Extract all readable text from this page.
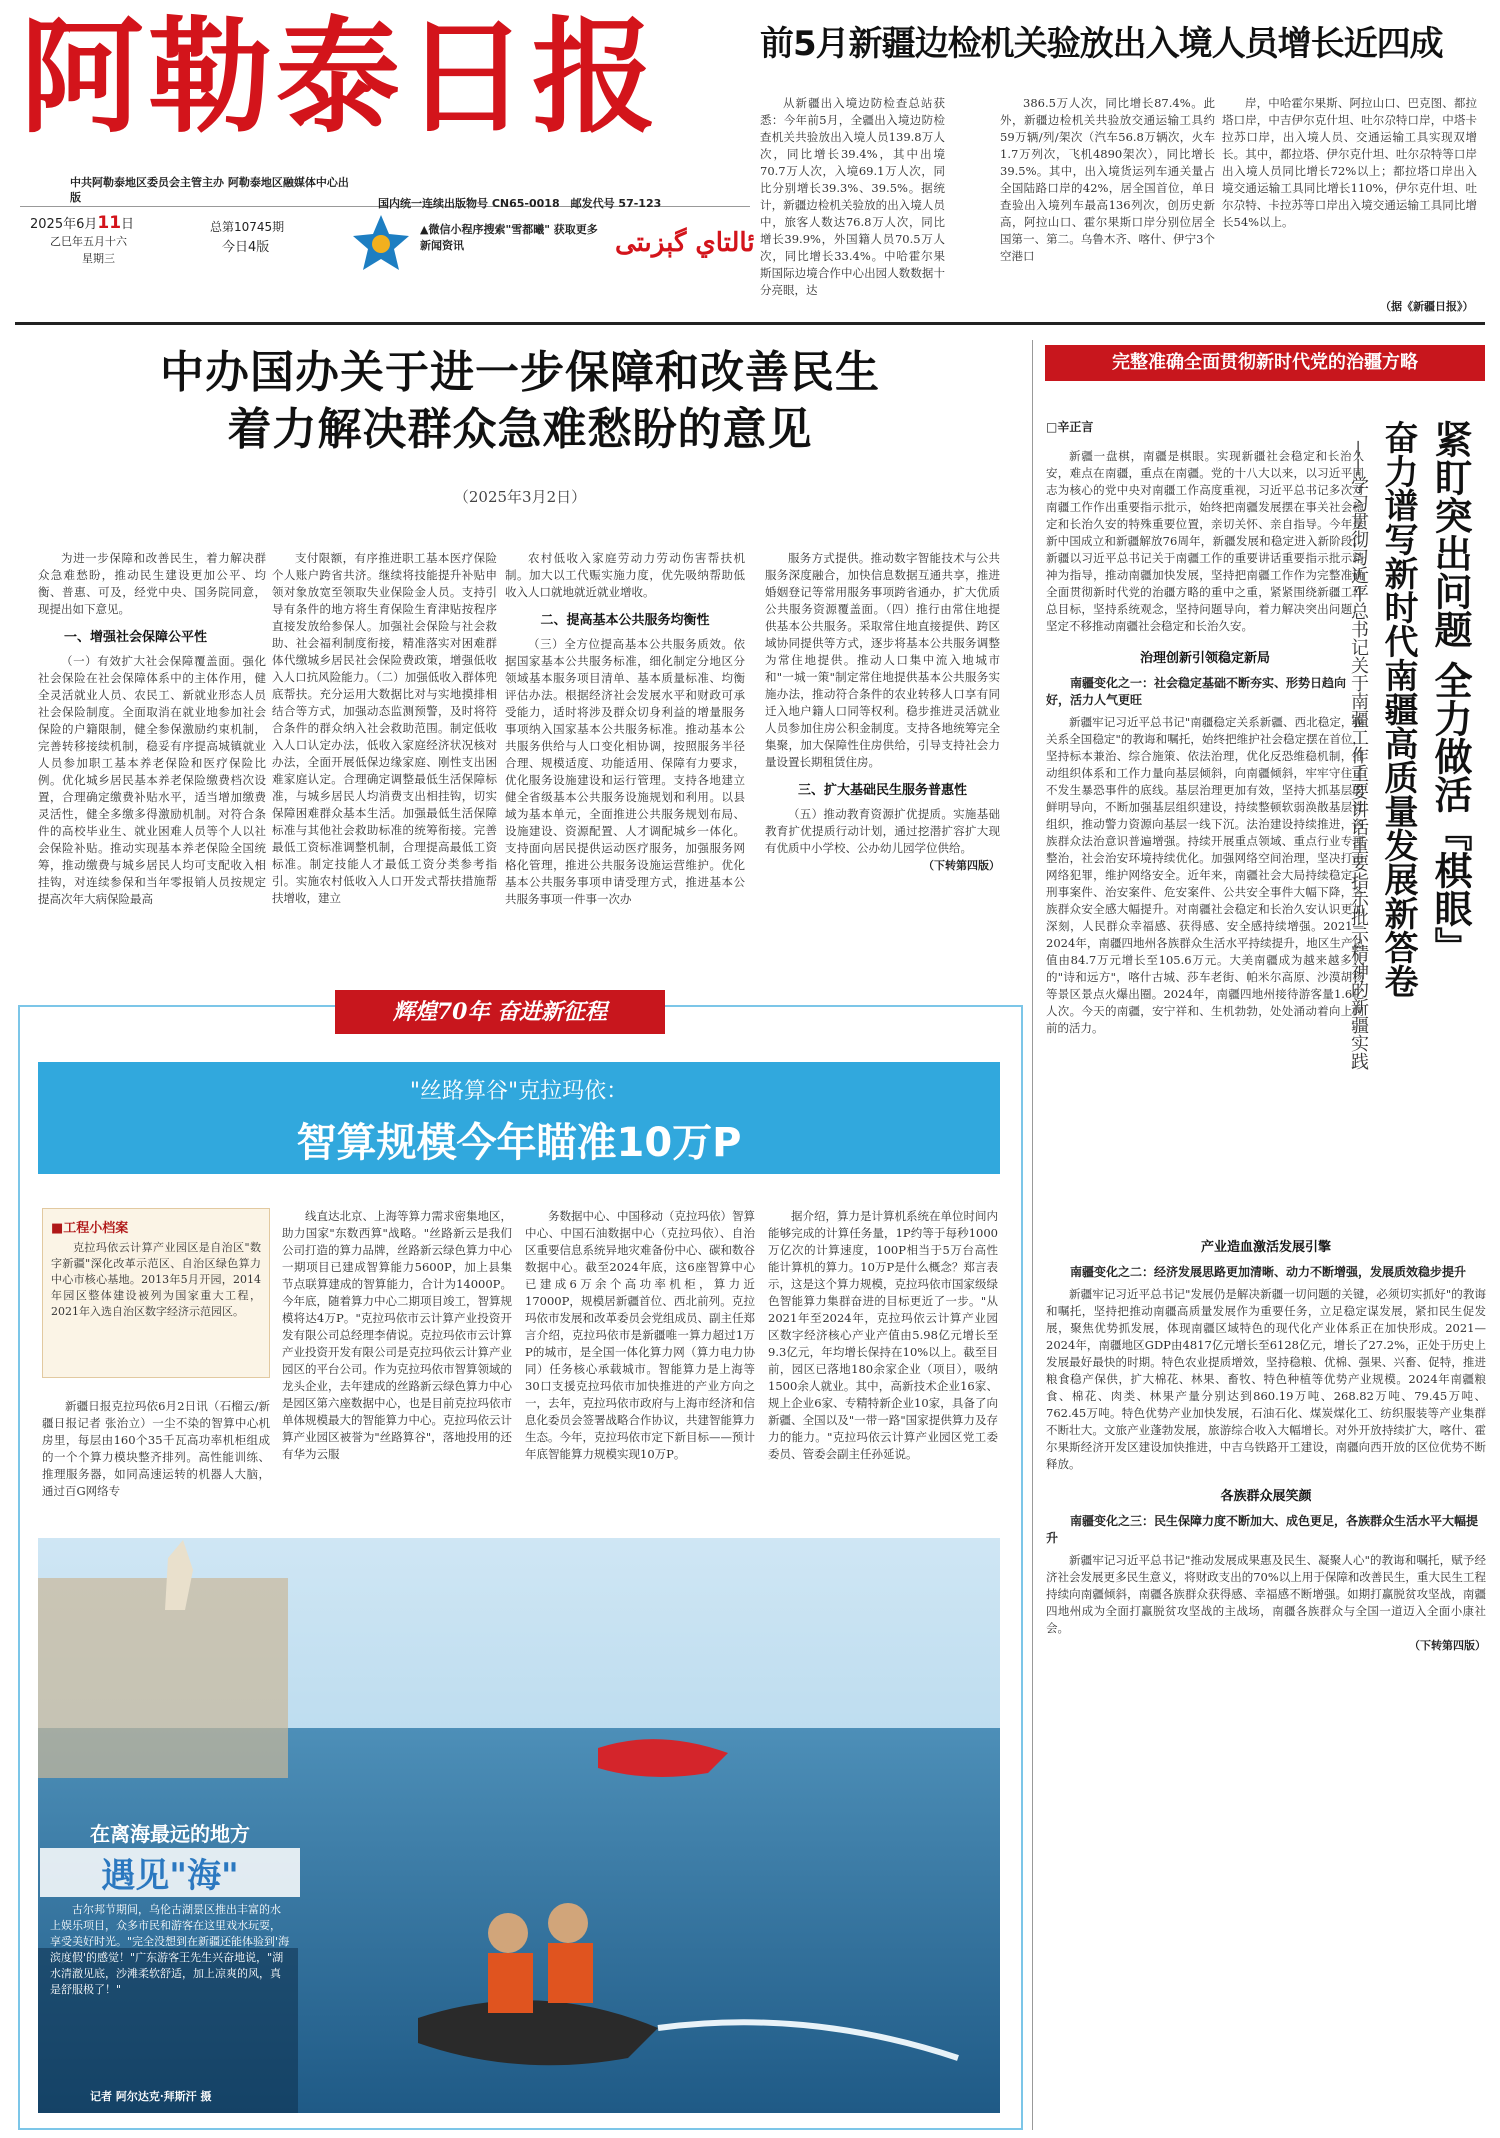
阿勒泰日报
中共阿勒泰地区委员会主管主办 阿勒泰地区融媒体中心出版
2025年6月11日
乙巳年五月十六
星期三
总第10745期
今日4版
国内统一连续出版物号 CN65-0018　邮发代号 57-123
▲微信小程序搜索"雪都曦" 获取更多新闻资讯	ئالتاي گېزىتى
前5月新疆边检机关验放出入境人员增长近四成

从新疆出入境边防检查总站获悉：今年前5月，全疆出入境边防检查机关共验放出入境人员139.8万人次，同比增长39.4%，其中出境70.7万人次，入境69.1万人次，同比分别增长39.3%、39.5%。据统计，新疆边检机关验放的出入境人员中，旅客人数达76.8万人次，同比增长39.9%，外国籍人员70.5万人次，同比增长33.4%。中哈霍尔果斯国际边境合作中心出园人数数据十分亮眼，达

386.5万人次，同比增长87.4%。此外，新疆边检机关共验放交通运输工具约59万辆/列/架次（汽车56.8万辆次，火车1.7万列次，飞机4890架次），同比增长39.5%。其中，出入境货运列车通关量占全国陆路口岸的42%，居全国首位，单日查验出入境列车最高136列次，创历史新高，阿拉山口、霍尔果斯口岸分别位居全国第一、第二。乌鲁木齐、喀什、伊宁3个空港口

岸，中哈霍尔果斯、阿拉山口、巴克图、都拉塔口岸，中吉伊尔克什坦、吐尔尕特口岸，中塔卡拉苏口岸，出入境人员、交通运输工具实现双增长。其中，都拉塔、伊尔克什坦、吐尔尕特等口岸出入境人员同比增长72%以上；都拉塔口岸出入境交通运输工具同比增长110%，伊尔克什坦、吐尔尕特、卡拉苏等口岸出入境交通运输工具同比增长54%以上。

（据《新疆日报》）
中办国办关于进一步保障和改善民生
着力解决群众急难愁盼的意见
（2025年3月2日）

为进一步保障和改善民生，着力解决群众急难愁盼，推动民生建设更加公平、均衡、普惠、可及，经党中央、国务院同意，现提出如下意见。

一、增强社会保障公平性

（一）有效扩大社会保障覆盖面。强化社会保险在社会保障体系中的主体作用，健全灵活就业人员、农民工、新就业形态人员社会保险制度。全面取消在就业地参加社会保险的户籍限制，健全参保激励约束机制，完善转移接续机制，稳妥有序提高城镇就业人员参加职工基本养老保险和医疗保险比例。优化城乡居民基本养老保险缴费档次设置，合理确定缴费补贴水平，适当增加缴费灵活性，健全多缴多得激励机制。对符合条件的高校毕业生、就业困难人员等个人以社会保险补贴。推动实现基本养老保险全国统筹，推动缴费与城乡居民人均可支配收入相挂钩，对连续参保和当年零报销人员按规定提高次年大病保险最高

支付限额，有序推进职工基本医疗保险个人账户跨省共济。继续将技能提升补贴申领对象放宽至领取失业保险金人员。支持引导有条件的地方将生育保险生育津贴按程序直接发放给参保人。加强社会保险与社会救助、社会福利制度衔接，精准落实对困难群体代缴城乡居民社会保险费政策，增强低收入人口抗风险能力。（二）加强低收入群体兜底帮扶。充分运用大数据比对与实地摸排相结合等方式，加强动态监测预警，及时将符合条件的群众纳入社会救助范围。制定低收入人口认定办法，低收入家庭经济状况核对办法，全面开展低保边缘家庭、刚性支出困难家庭认定。合理确定调整最低生活保障标准，与城乡居民人均消费支出相挂钩，切实保障困难群众基本生活。加强最低生活保障标准与其他社会救助标准的统筹衔接。完善最低工资标准调整机制，合理提高最低工资标准。制定技能人才最低工资分类参考指引。实施农村低收入人口开发式帮扶措施帮扶增收，建立

农村低收入家庭劳动力劳动伤害帮扶机制。加大以工代赈实施力度，优先吸纳帮助低收入人口就地就近就业增收。

二、提高基本公共服务均衡性

（三）全方位提高基本公共服务质效。依据国家基本公共服务标准，细化制定分地区分领域基本服务项目清单、基本质量标准、均衡评估办法。根据经济社会发展水平和财政可承受能力，适时将涉及群众切身利益的增量服务事项纳入国家基本公共服务标准。推动基本公共服务供给与人口变化相协调，按照服务半径合理、规模适度、功能适用、保障有力要求，优化服务设施建设和运行管理。支持各地建立健全省级基本公共服务设施规划和利用。以县域为基本单元，全面推进公共服务规划布局、设施建设、资源配置、人才调配城乡一体化。支持面向居民提供运动医疗服务，加强服务网格化管理，推进公共服务设施运营维护。优化基本公共服务事项申请受理方式，推进基本公共服务事项一件事一次办

服务方式提供。推动数字智能技术与公共服务深度融合，加快信息数据互通共享，推进婚姻登记等常用服务事项跨省通办，扩大优质公共服务资源覆盖面。（四）推行由常住地提供基本公共服务。采取常住地直接提供、跨区域协同提供等方式，逐步将基本公共服务调整为常住地提供。推动人口集中流入地城市和"一城一策"制定常住地提供基本公共服务实施办法，推动符合条件的农业转移人口享有同迁入地户籍人口同等权利。稳步推进灵活就业人员参加住房公积金制度。支持各地统筹完全集聚，加大保障性住房供给，引导支持社会力量设置长期租赁住房。

三、扩大基础民生服务普惠性

（五）推动教育资源扩优提质。实施基础教育扩优提质行动计划，通过挖潜扩容扩大现有优质中小学校、公办幼儿园学位供给。

（下转第四版）
辉煌70年 奋进新征程
"丝路算谷"克拉玛依：
智算规模今年瞄准10万P
■工程小档案

克拉玛依云计算产业园区是自治区"数字新疆"深化改革示范区、自治区绿色算力中心市核心基地。2013年5月开园，2014年园区整体建设被列为国家重大工程，2021年入选自治区数字经济示范园区。

新疆日报克拉玛依6月2日讯（石榴云/新疆日报记者 张治立）一尘不染的智算中心机房里，每层由160个35千瓦高功率机柜组成的一个个算力模块整齐排列。高性能训练、推理服务器，如同高速运转的机器人大脑，通过百G网络专

线直达北京、上海等算力需求密集地区，助力国家"东数西算"战略。"丝路新云是我们公司打造的算力品牌，丝路新云绿色算力中心一期项目已建成智算能力5600P，加上县集节点联算建成的智算能力，合计为14000P。今年底，随着算力中心二期项目竣工，智算规模将达4万P。"克拉玛依市云计算产业投资开发有限公司总经理李倩说。克拉玛依市云计算产业投资开发有限公司是克拉玛依云计算产业园区的平台公司。作为克拉玛依市智算领域的龙头企业，去年建成的丝路新云绿色算力中心是园区第六座数据中心，也是目前克拉玛依市单体规模最大的智能算力中心。克拉玛依云计算产业园区被誉为"丝路算谷"，落地投用的还有华为云服

务数据中心、中国移动（克拉玛依）智算中心、中国石油数据中心（克拉玛依）、自治区重要信息系统异地灾难备份中心、碳和数谷数据中心。截至2024年底，这6座智算中心已建成6万余个高功率机柜，算力近17000P，规模居新疆首位、西北前列。克拉玛依市发展和改革委员会党组成员、副主任郑言介绍，克拉玛依市是新疆唯一算力超过1万P的城市，是全国一体化算力网（算力电力协同）任务核心承载城市。智能算力是上海等30口支援克拉玛依市加快推进的产业方向之一，去年，克拉玛依市政府与上海市经济和信息化委员会签署战略合作协议，共建智能算力生态。今年，克拉玛依市定下新目标——预计年底智能算力规模实现10万P。

据介绍，算力是计算机系统在单位时间内能够完成的计算任务量，1P约等于每秒1000万亿次的计算速度，100P相当于5万台高性能计算机的算力。10万P是什么概念？郑言表示，这是这个算力规模，克拉玛依市国家级绿色智能算力集群奋进的目标更近了一步。"从2021年至2024年，克拉玛依云计算产业园区数字经济核心产业产值由5.98亿元增长至9.3亿元，年均增长保持在10%以上。截至目前，园区已落地180余家企业（项目），吸纳1500余人就业。其中，高新技术企业16家、规上企业6家、专精特新企业10家，具备了向新疆、全国以及"一带一路"国家提供算力及存力的能力。"克拉玛依云计算产业园区党工委委员、管委会副主任孙延说。

在离海最远的地方
遇见"海"
古尔邦节期间，乌伦古湖景区推出丰富的水上娱乐项目，众多市民和游客在这里戏水玩耍，享受美好时光。"完全没想到在新疆还能体验到'海滨度假'的感觉！"广东游客王先生兴奋地说，"湖水清澈见底，沙滩柔软舒适，加上凉爽的风，真是舒服极了！"
记者 阿尔达克·拜斯汗 摄
完整准确全面贯彻新时代党的治疆方略
□辛正言	紧盯突出问题 全力做活『棋眼』
奋力谱写新时代南疆高质量发展新答卷
——学习贯彻习近平总书记关于南疆工作重要讲话重要指示批示精神的新疆实践

新疆一盘棋，南疆是棋眼。实现新疆社会稳定和长治久安，难点在南疆，重点在南疆。党的十八大以来，以习近平同志为核心的党中央对南疆工作高度重视，习近平总书记多次对南疆工作作出重要指示批示，始终把南疆发展摆在事关社会稳定和长治久安的特殊重要位置，亲切关怀、亲自指导。今年是新中国成立和新疆解放76周年，新疆发展和稳定进入新阶段。新疆以习近平总书记关于南疆工作的重要讲话重要指示批示精神为指导，推动南疆加快发展，坚持把南疆工作作为完整准确全面贯彻新时代党的治疆方略的重中之重，紧紧围绕新疆工作总目标，坚持系统观念，坚持问题导向，着力解决突出问题，坚定不移推动南疆社会稳定和长治久安。

治理创新引领稳定新局
南疆变化之一：社会稳定基础不断夯实、形势日趋向好，活力人气更旺

新疆牢记习近平总书记"南疆稳定关系新疆、西北稳定，也关系全国稳定"的教诲和嘱托，始终把维护社会稳定摆在首位，坚持标本兼治、综合施策、依法治理，优化反恐维稳机制，推动组织体系和工作力量向基层倾斜，向南疆倾斜，牢牢守住了不发生暴恐事件的底线。基层治理更加有效，坚持大抓基层的鲜明导向，不断加强基层组织建设，持续整顿软弱涣散基层党组织，推动警力资源向基层一线下沉。法治建设持续推进，各族群众法治意识普遍增强。持续开展重点领域、重点行业专项整治，社会治安环境持续优化。加强网络空间治理，坚决打击网络犯罪，维护网络安全。近年来，南疆社会大局持续稳定，刑事案件、治安案件、危安案件、公共安全事件大幅下降，各族群众安全感大幅提升。对南疆社会稳定和长治久安认识更加深刻，人民群众幸福感、获得感、安全感持续增强。2021—2024年，南疆四地州各族群众生活水平持续提升，地区生产总值由84.7万元增长至105.6万元。大美南疆成为越来越多人的"诗和远方"，喀什古城、莎车老街、帕米尔高原、沙漠胡杨等景区景点火爆出圈。2024年，南疆四地州接待游客量1.6亿人次。今天的南疆，安宁祥和、生机勃勃，处处涌动着向上向前的活力。

产业造血激活发展引擎
南疆变化之二：经济发展思路更加清晰、动力不断增强，发展质效稳步提升

新疆牢记习近平总书记"发展仍是解决新疆一切问题的关键，必须切实抓好"的教诲和嘱托，坚持把推动南疆高质量发展作为重要任务，立足稳定谋发展，紧扣民生促发展，聚焦优势抓发展，体现南疆区域特色的现代化产业体系正在加快形成。2021—2024年，南疆地区GDP由4817亿元增长至6128亿元，增长了27.2%，正处于历史上发展最好最快的时期。特色农业提质增效，坚持稳粮、优棉、强果、兴畜、促特，推进粮食稳产保供，扩大棉花、林果、畜牧、特色种植等优势产业规模。2024年南疆粮食、棉花、肉类、林果产量分别达到860.19万吨、268.82万吨、79.45万吨、762.45万吨。特色优势产业加快发展，石油石化、煤炭煤化工、纺织服装等产业集群不断壮大。文旅产业蓬勃发展，旅游综合收入大幅增长。对外开放持续扩大，喀什、霍尔果斯经济开发区建设加快推进，中吉乌铁路开工建设，南疆向西开放的区位优势不断释放。

各族群众展笑颜
南疆变化之三：民生保障力度不断加大、成色更足，各族群众生活水平大幅提升

新疆牢记习近平总书记"推动发展成果惠及民生、凝聚人心"的教诲和嘱托，赋予经济社会发展更多民生意义，将财政支出的70%以上用于保障和改善民生，重大民生工程持续向南疆倾斜，南疆各族群众获得感、幸福感不断增强。如期打赢脱贫攻坚战，南疆四地州成为全面打赢脱贫攻坚战的主战场，南疆各族群众与全国一道迈入全面小康社会。

（下转第四版）
